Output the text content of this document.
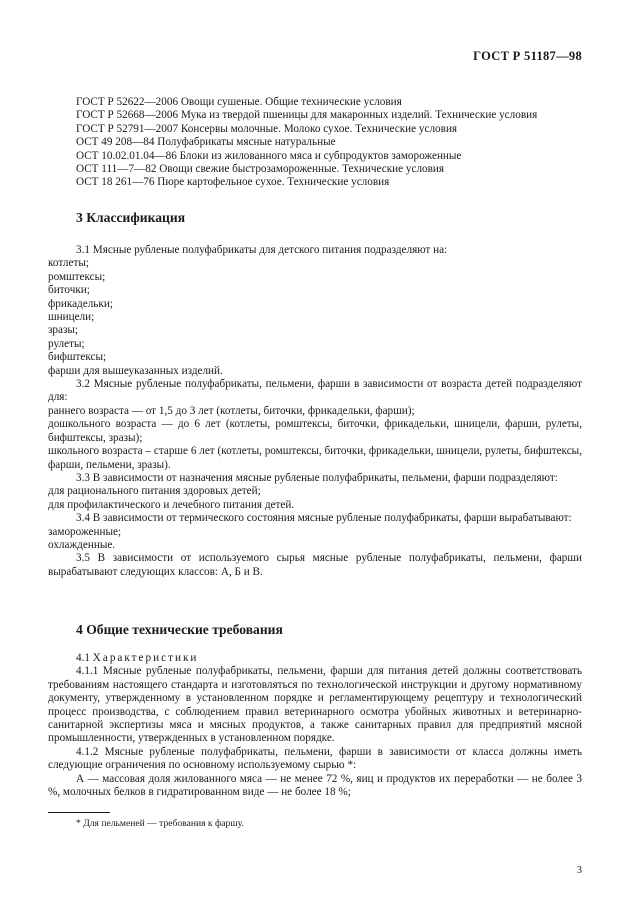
ГОСТ Р 51187—98

ГОСТ Р 52622—2006 Овощи сушеные. Общие технические условия

ГОСТ Р 52668—2006 Мука из твердой пшеницы для макаронных изделий. Технические условия

ГОСТ Р 52791—2007 Консервы молочные. Молоко сухое. Технические условия

ОСТ 49 208—84 Полуфабрикаты мясные натуральные

ОСТ 10.02.01.04—86 Блоки из жилованного мяса и субпродуктов замороженные

ОСТ 111—7—82 Овощи свежие быстрозамороженные. Технические условия

ОСТ 18 261—76 Пюре картофельное сухое. Технические условия

3 Классификация

3.1 Мясные рубленые полуфабрикаты для детского питания подразделяют на:

котлеты;

ромштексы;

биточки;

фрикадельки;

шницели;

зразы;

рулеты;

бифштексы;

фарши для вышеуказанных изделий.

3.2 Мясные рубленые полуфабрикаты, пельмени, фарши в зависимости от возраста детей подразделяют для:

раннего возраста — от 1,5 до 3 лет (котлеты, биточки, фрикадельки, фарши);

дошкольного возраста — до 6 лет (котлеты, ромштексы, биточки, фрикадельки, шницели, фарши, рулеты, бифштексы, зразы);

школьного возраста – старше 6 лет (котлеты, ромштексы, биточки, фрикадельки, шницели, рулеты, бифштексы, фарши, пельмени, зразы).

3.3 В зависимости от назначения мясные рубленые полуфабрикаты, пельмени, фарши подразделяют:

для рационального питания здоровых детей;

для профилактического и лечебного питания детей.

3.4 В зависимости от термического состояния мясные рубленые полуфабрикаты, фарши вырабатывают:

замороженные;

охлажденные.

3.5 В зависимости от используемого сырья мясные рубленые полуфабрикаты, пельмени, фарши вырабатывают следующих классов: А, Б и В.

4 Общие технические требования

4.1 Характеристики

4.1.1 Мясные рубленые полуфабрикаты, пельмени, фарши для питания детей должны соответствовать требованиям настоящего стандарта и изготовляться по технологической инструкции и другому нормативному документу, утвержденному в установленном порядке и регламентирующему рецептуру и технологический процесс производства, с соблюдением правил ветеринарного осмотра убойных животных и ветеринарно-санитарной экспертизы мяса и мясных продуктов, а также санитарных правил для предприятий мясной промышленности, утвержденных в установленном порядке.

4.1.2 Мясные рубленые полуфабрикаты, пельмени, фарши в зависимости от класса должны иметь следующие ограничения по основному используемому сырью *:

А — массовая доля жилованного мяса — не менее 72 %, яиц и продуктов их переработки — не более 3 %, молочных белков в гидратированном виде — не более 18 %;

* Для пельменей — требования к фаршу.
3
